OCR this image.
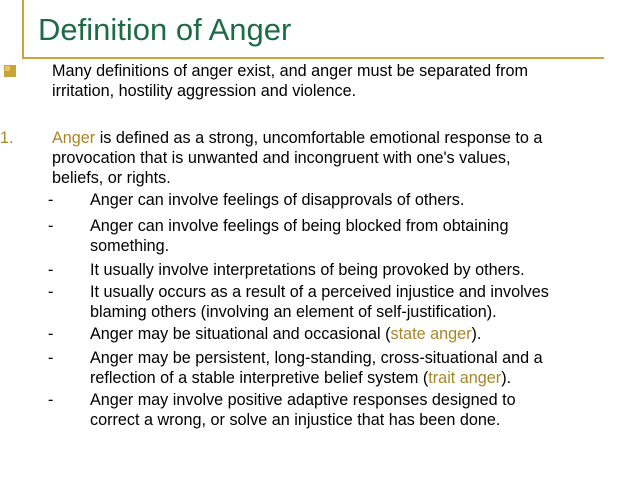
Definition of Anger
Many definitions of anger exist, and anger must be separated from
irritation, hostility aggression and violence.
1. Anger is defined as a strong, uncomfortable emotional response to a
provocation that is unwanted and incongruent with one's values,
beliefs, or rights.
- Anger can involve feelings of disapprovals of others.
- Anger can involve feelings of being blocked from obtaining
something.
- It usually involve interpretations of being provoked by others.
- It usually occurs as a result of a perceived injustice and involves
blaming others (involving an element of self-justification).
- Anger may be situational and occasional (state anger).
- Anger may be persistent, long-standing, cross-situational and a
reflection of a stable interpretive belief system (trait anger).
- Anger may involve positive adaptive responses designed to
correct a wrong, or solve an injustice that has been done.
